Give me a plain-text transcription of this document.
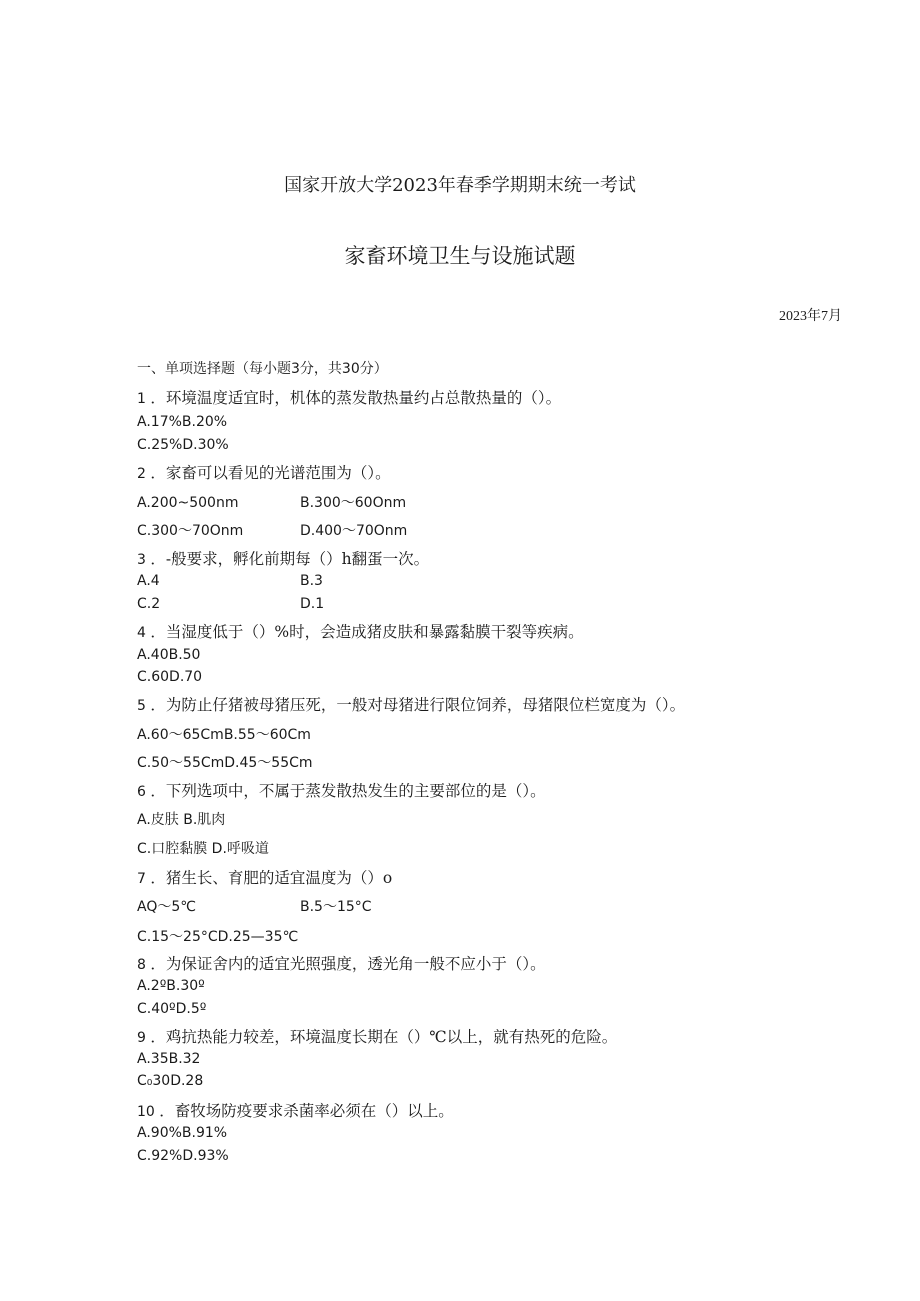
国家开放大学2023年春季学期期末统一考试
家畜环境卫生与设施试题
2023年7月
一、单项选择题（每小题3分，共30分）
1 ．环境温度适宜时，机体的蒸发散热量约占总散热量的（）。
A.17%B.20%
C.25%D.30%
2 ．家畜可以看见的光谱范围为（）。
A.200~500nm	B.300～60Onm
C.300～70Onm	D.400～70Onm
3 ．-般要求，孵化前期每（）h翻蛋一次。
A.4	B.3
C.2	D.1
4 ．当湿度低于（）%时，会造成猪皮肤和暴露黏膜干裂等疾病。
A.40B.50
C.60D.70
5 ．为防止仔猪被母猪压死，一般对母猪进行限位饲养，母猪限位栏宽度为（）。
A.60～65CmB.55～60Cm
C.50～55CmD.45～55Cm
6 ．下列选项中，不属于蒸发散热发生的主要部位的是（）。
A.皮肤 B.肌肉
C.口腔黏膜 D.呼吸道
7 ．猪生长、育肥的适宜温度为（）o
AQ～5℃	B.5～15°C
C.15～25°CD.25—35℃
8 ．为保证舍内的适宜光照强度，透光角一般不应小于（）。
A.2ºB.30º
C.40ºD.5º
9 ．鸡抗热能力较差，环境温度长期在（）℃以上，就有热死的危险。
A.35B.32
C₀30D.28
10 ．畜牧场防疫要求杀菌率必须在（）以上。
A.90%B.91%
C.92%D.93%
